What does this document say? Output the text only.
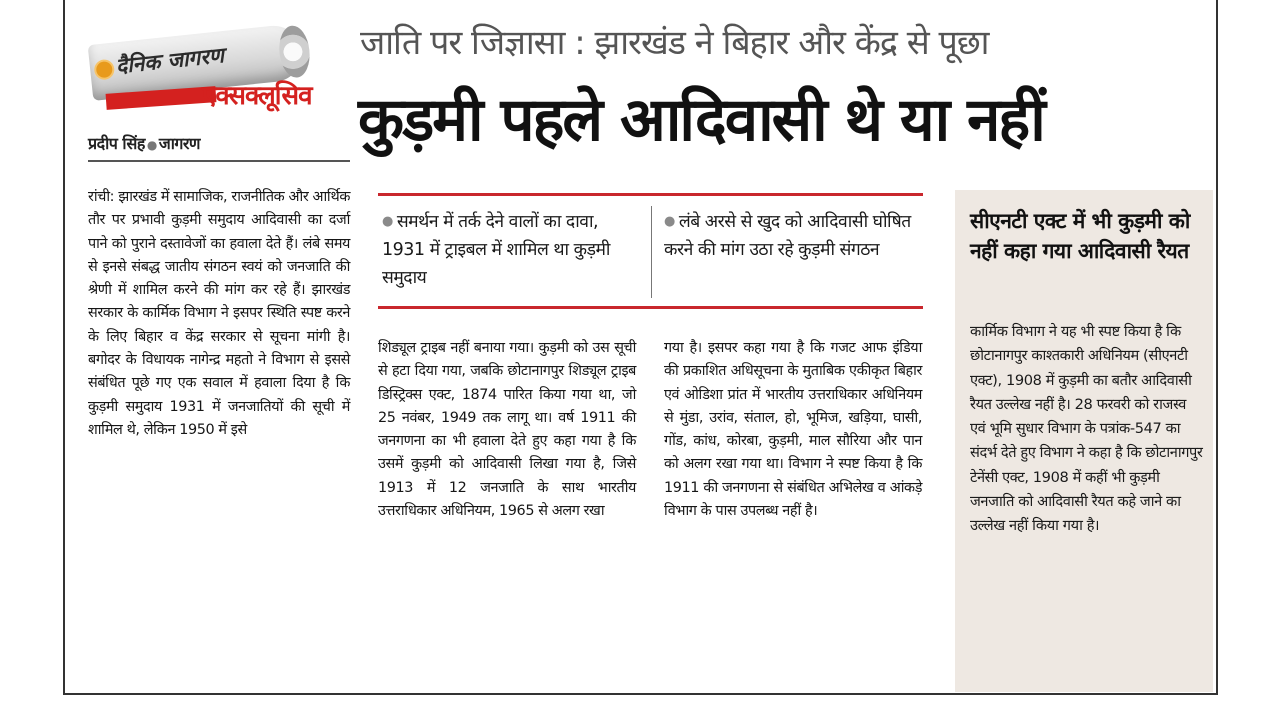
दैनिक जागरण
एक्सक्लूसिव
प्रदीप सिंह ● जागरण
जाति पर जिज्ञासा : झारखंड ने बिहार और केंद्र से पूछा
कुड़मी पहले आदिवासी थे या नहीं
रांची: झारखंड में सामाजिक, राजनीतिक और आर्थिक तौर पर प्रभावी कुड़मी समुदाय आदिवासी का दर्जा पाने को पुराने दस्तावेजों का हवाला देते हैं। लंबे समय से इनसे संबद्ध जातीय संगठन स्वयं को जनजाति की श्रेणी में शामिल करने की मांग कर रहे हैं। झारखंड सरकार के कार्मिक विभाग ने इसपर स्थिति स्पष्ट करने के लिए बिहार व केंद्र सरकार से सूचना मांगी है। बगोदर के विधायक नागेन्द्र महतो ने विभाग से इससे संबंधित पूछे गए एक सवाल में हवाला दिया है कि कुड़मी समुदाय 1931 में जनजातियों की सूची में शामिल थे, लेकिन 1950 में इसे
● समर्थन में तर्क देने वालों का दावा, 1931 में ट्राइबल में शामिल था कुड़मी समुदाय
● लंबे अरसे से खुद को आदिवासी घोषित करने की मांग उठा रहे कुड़मी संगठन
शिड्यूल ट्राइब नहीं बनाया गया। कुड़मी को उस सूची से हटा दिया गया, जबकि छोटानागपुर शिड्यूल ट्राइब डिस्ट्रिक्स एक्ट, 1874 पारित किया गया था, जो 25 नवंबर, 1949 तक लागू था। वर्ष 1911 की जनगणना का भी हवाला देते हुए कहा गया है कि उसमें कुड़मी को आदिवासी लिखा गया है, जिसे 1913 में 12 जनजाति के साथ भारतीय उत्तराधिकार अधिनियम, 1965 से अलग रखा
गया है। इसपर कहा गया है कि गजट आफ इंडिया की प्रकाशित अधिसूचना के मुताबिक एकीकृत बिहार एवं ओडिशा प्रांत में भारतीय उत्तराधिकार अधिनियम से मुंडा, उरांव, संताल, हो, भूमिज, खड़िया, घासी, गोंड, कांध, कोरबा, कुड़मी, माल सौरिया और पान को अलग रखा गया था। विभाग ने स्पष्ट किया है कि 1911 की जनगणना से संबंधित अभिलेख व आंकड़े विभाग के पास उपलब्ध नहीं है।
सीएनटी एक्ट में भी कुड़मी को नहीं कहा गया आदिवासी रैयत
कार्मिक विभाग ने यह भी स्पष्ट किया है कि छोटानागपुर काश्तकारी अधिनियम (सीएनटी एक्ट), 1908 में कुड़मी का बतौर आदिवासी रैयत उल्लेख नहीं है। 28 फरवरी को राजस्व एवं भूमि सुधार विभाग के पत्रांक-547 का संदर्भ देते हुए विभाग ने कहा है कि छोटानागपुर टेनेंसी एक्ट, 1908 में कहीं भी कुड़मी जनजाति को आदिवासी रैयत कहे जाने का उल्लेख नहीं किया गया है।
